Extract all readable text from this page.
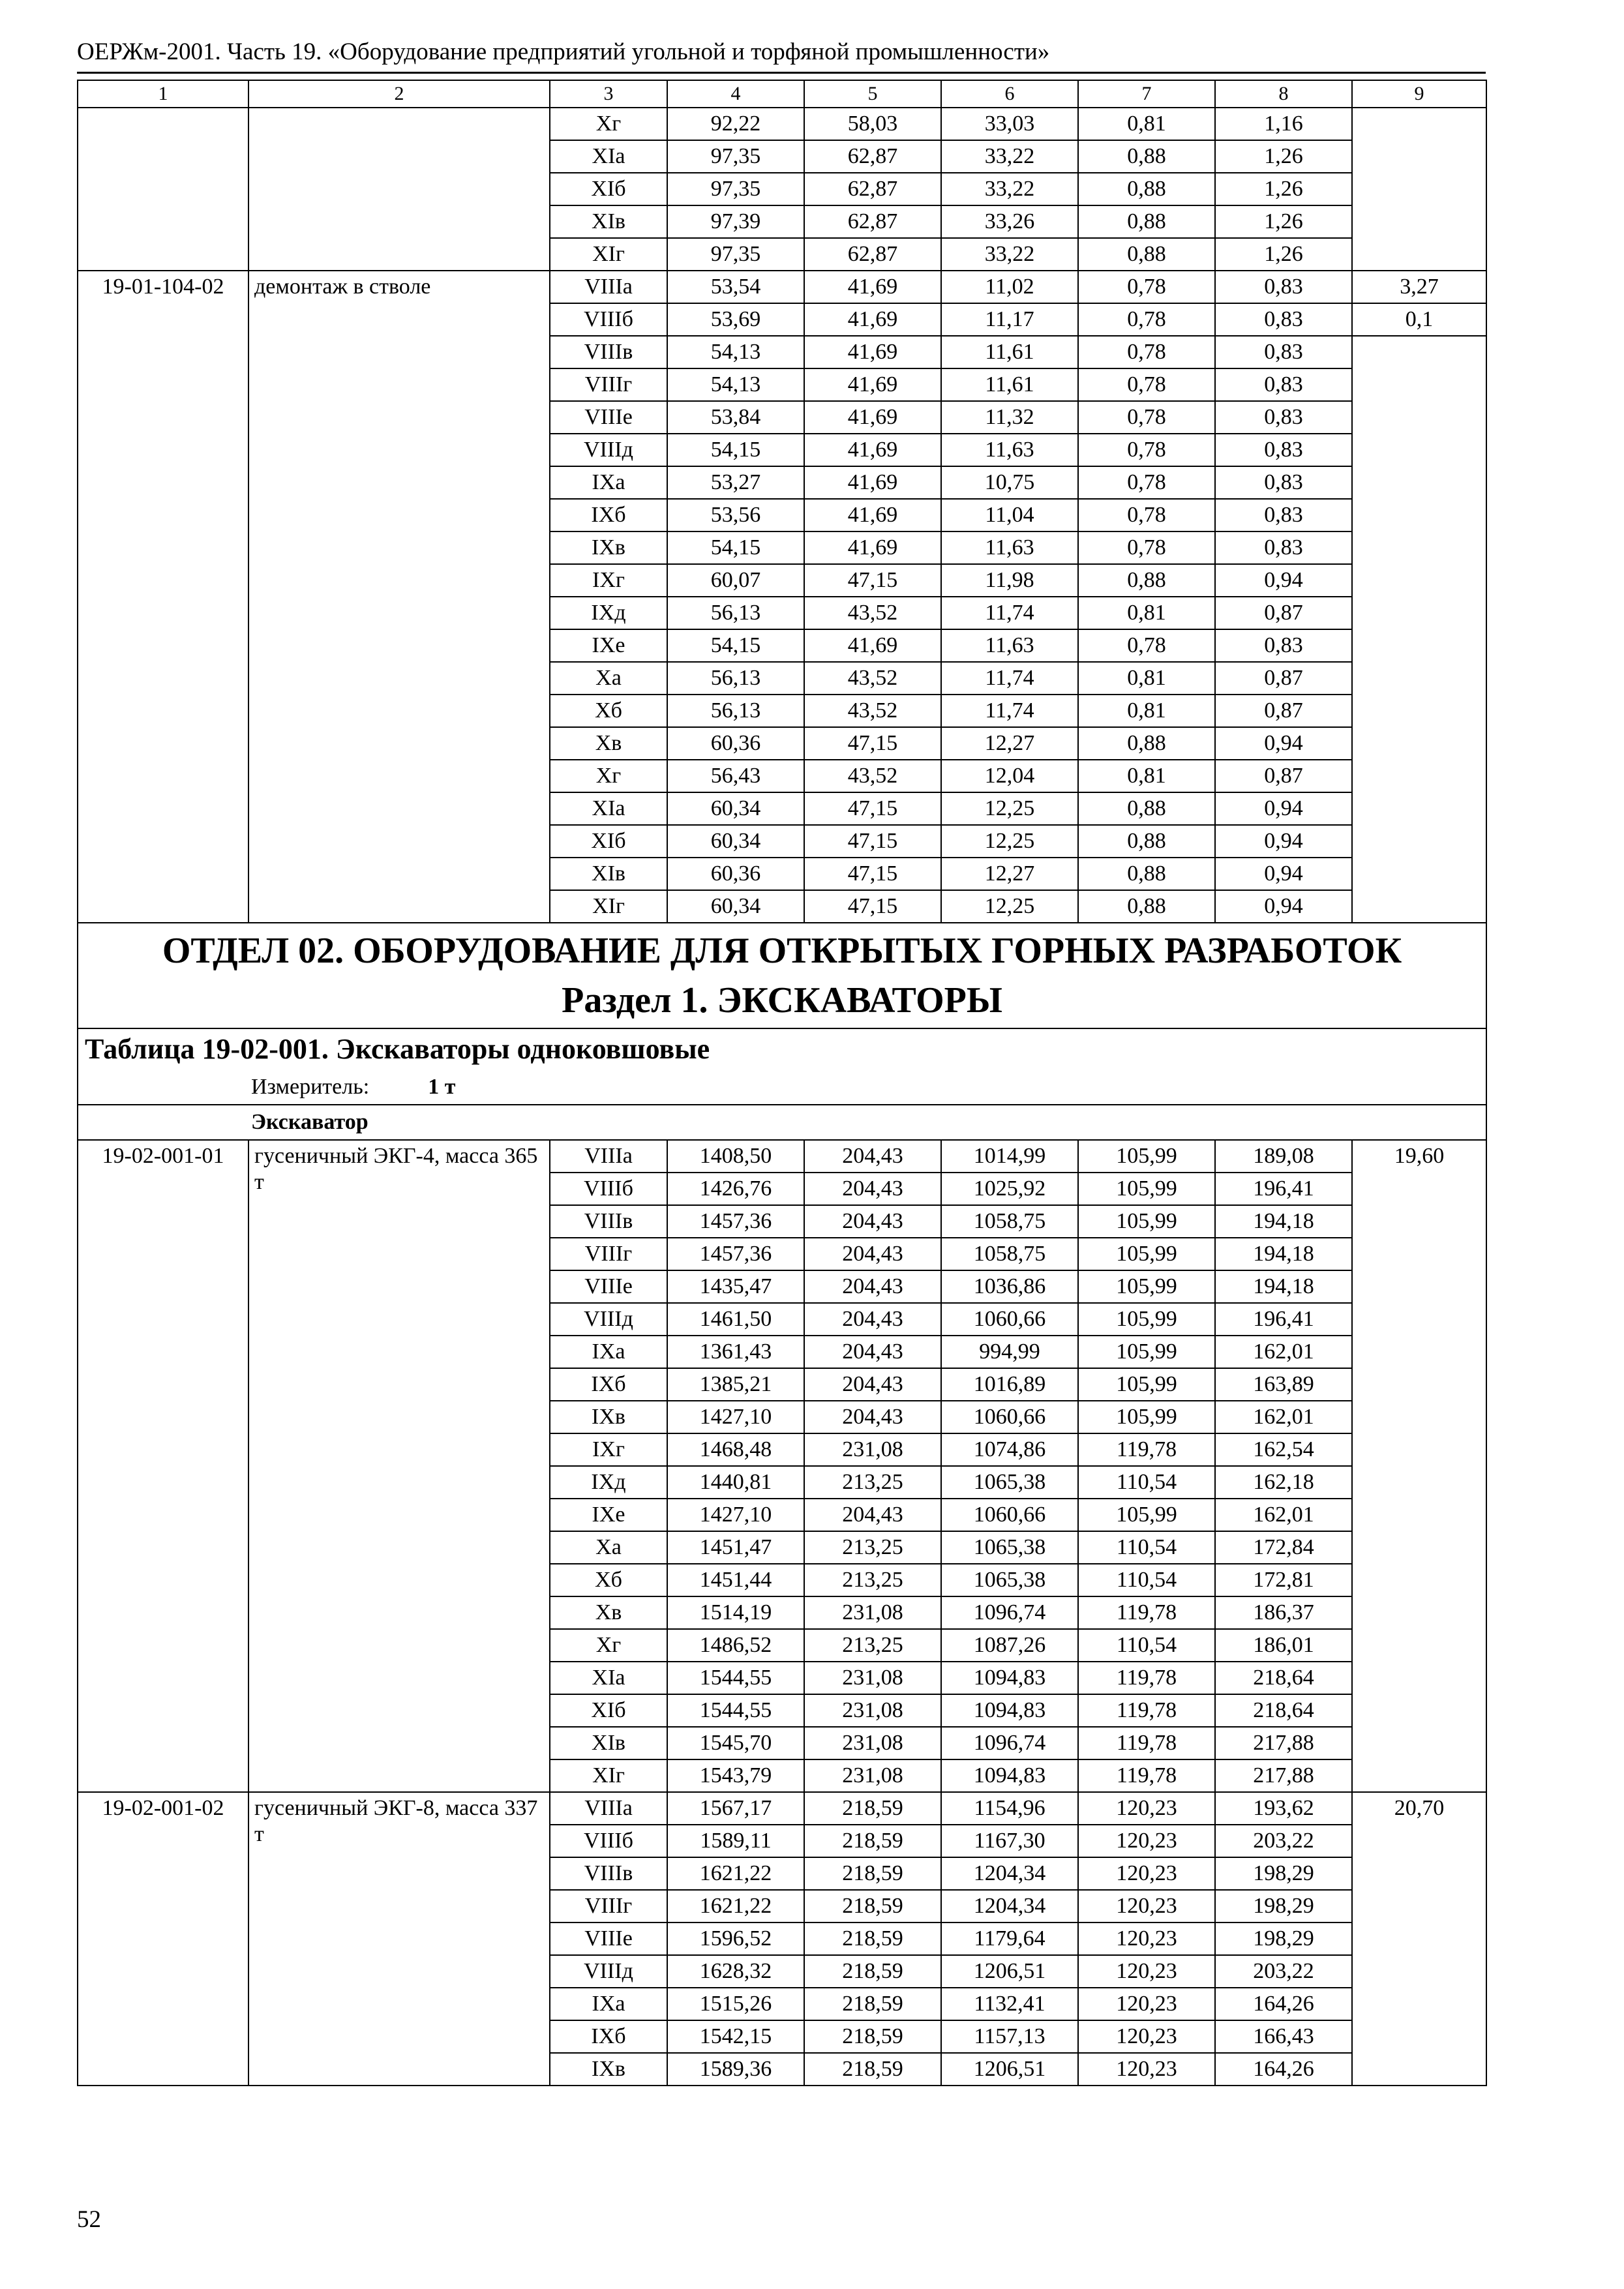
ОЕРЖм-2001. Часть 19. «Оборудование предприятий угольной и торфяной промышленности»
1	2	3	4	5	6	7	8	9
		Xг	92,22	58,03	33,03	0,81	1,16	
		XIа	97,35	62,87	33,22	0,88	1,26	
		XIб	97,35	62,87	33,22	0,88	1,26	
		XIв	97,39	62,87	33,26	0,88	1,26	
		XIг	97,35	62,87	33,22	0,88	1,26	
19-01-104-02	демонтаж в стволе	VIIIа	53,54	41,69	11,02	0,78	0,83	3,27
		VIIIб	53,69	41,69	11,17	0,78	0,83	0,1
		VIIIв	54,13	41,69	11,61	0,78	0,83	
		VIIIг	54,13	41,69	11,61	0,78	0,83	
		VIIIе	53,84	41,69	11,32	0,78	0,83	
		VIIIд	54,15	41,69	11,63	0,78	0,83	
		IXа	53,27	41,69	10,75	0,78	0,83	
		IXб	53,56	41,69	11,04	0,78	0,83	
		IXв	54,15	41,69	11,63	0,78	0,83	
		IXг	60,07	47,15	11,98	0,88	0,94	
		IXд	56,13	43,52	11,74	0,81	0,87	
		IXе	54,15	41,69	11,63	0,78	0,83	
		Xа	56,13	43,52	11,74	0,81	0,87	
		Xб	56,13	43,52	11,74	0,81	0,87	
		Xв	60,36	47,15	12,27	0,88	0,94	
		Xг	56,43	43,52	12,04	0,81	0,87	
		XIа	60,34	47,15	12,25	0,88	0,94	
		XIб	60,34	47,15	12,25	0,88	0,94	
		XIв	60,36	47,15	12,27	0,88	0,94	
		XIг	60,34	47,15	12,25	0,88	0,94	

ОТДЕЛ 02. ОБОРУДОВАНИЕ ДЛЯ ОТКРЫТЫХ ГОРНЫХ РАЗРАБОТОК
Раздел 1. ЭКСКАВАТОРЫ								

Таблица 19-02-001. Экскаваторы одноковшовые								
Измеритель: 1 т								
Экскаватор								
19-02-001-01	гусеничный ЭКГ-4, масса 365 т	VIIIа	1408,50	204,43	1014,99	105,99	189,08	19,60
		VIIIб	1426,76	204,43	1025,92	105,99	196,41	
		VIIIв	1457,36	204,43	1058,75	105,99	194,18	
		VIIIг	1457,36	204,43	1058,75	105,99	194,18	
		VIIIе	1435,47	204,43	1036,86	105,99	194,18	
		VIIIд	1461,50	204,43	1060,66	105,99	196,41	
		IXа	1361,43	204,43	994,99	105,99	162,01	
		IXб	1385,21	204,43	1016,89	105,99	163,89	
		IXв	1427,10	204,43	1060,66	105,99	162,01	
		IXг	1468,48	231,08	1074,86	119,78	162,54	
		IXд	1440,81	213,25	1065,38	110,54	162,18	
		IXе	1427,10	204,43	1060,66	105,99	162,01	
		Xа	1451,47	213,25	1065,38	110,54	172,84	
		Xб	1451,44	213,25	1065,38	110,54	172,81	
		Xв	1514,19	231,08	1096,74	119,78	186,37	
		Xг	1486,52	213,25	1087,26	110,54	186,01	
		XIа	1544,55	231,08	1094,83	119,78	218,64	
		XIб	1544,55	231,08	1094,83	119,78	218,64	
		XIв	1545,70	231,08	1096,74	119,78	217,88	
		XIг	1543,79	231,08	1094,83	119,78	217,88	
19-02-001-02	гусеничный ЭКГ-8, масса 337 т	VIIIа	1567,17	218,59	1154,96	120,23	193,62	20,70
		VIIIб	1589,11	218,59	1167,30	120,23	203,22	
		VIIIв	1621,22	218,59	1204,34	120,23	198,29	
		VIIIг	1621,22	218,59	1204,34	120,23	198,29	
		VIIIе	1596,52	218,59	1179,64	120,23	198,29	
		VIIIд	1628,32	218,59	1206,51	120,23	203,22	
		IXа	1515,26	218,59	1132,41	120,23	164,26	
		IXб	1542,15	218,59	1157,13	120,23	166,43	
		IXв	1589,36	218,59	1206,51	120,23	164,26	
52
